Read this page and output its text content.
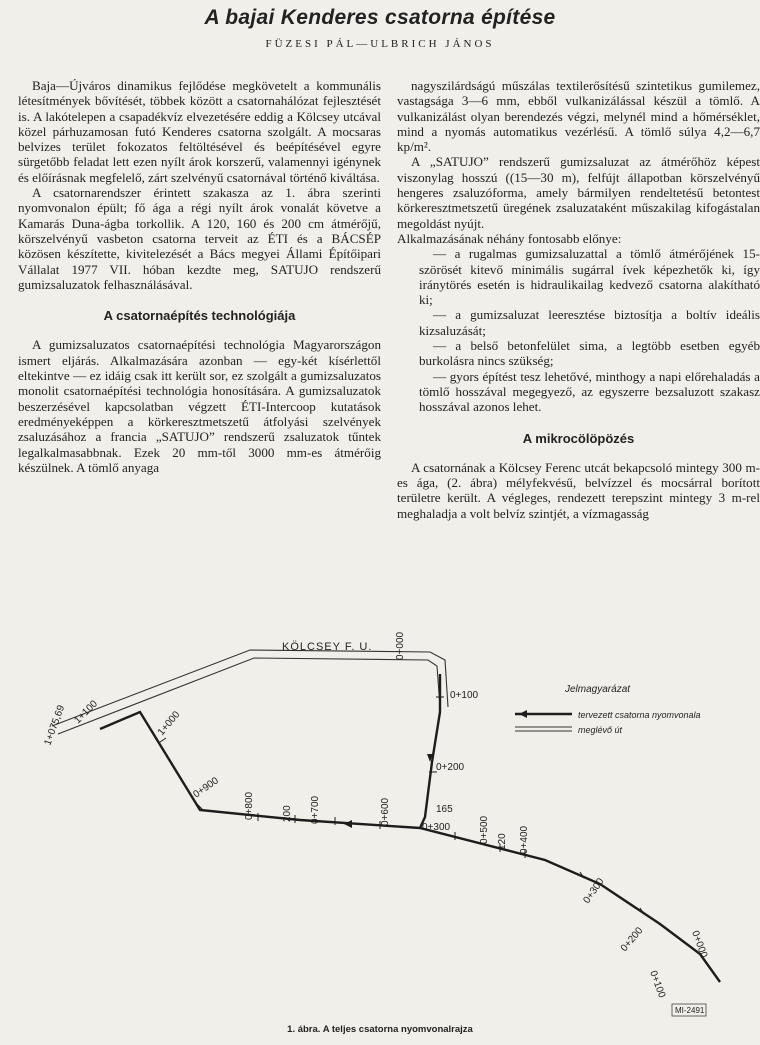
A bajai Kenderes csatorna építése
FÜZESI PÁL—ULBRICH JÁNOS

Baja—Újváros dinamikus fejlődése megkövetelt a kommunális létesítmények bővítését, többek között a csatornahálózat fejlesztését is. A lakótelepen a csapadékvíz elvezetésére eddig a Kölcsey utcával közel párhuzamosan futó Kenderes csatorna szolgált. A mocsaras belvizes terület fokozatos feltöltésével és beépítésével egyre sürgetőbb feladat lett ezen nyílt árok korszerű, valamennyi igénynek és előírásnak megfelelő, zárt szelvényű csatornával történő kiváltása.

A csatornarendszer érintett szakasza az 1. ábra szerinti nyomvonalon épült; fő ága a régi nyílt árok vonalát követve a Kamarás Duna-ágba torkollik. A 120, 160 és 200 cm átmérőjű, körszelvényű vasbeton csatorna terveit az ÉTI és a BÁCSÉP közösen készítette, kivitelezését a Bács megyei Állami Építőipari Vállalat 1977 VII. hóban kezdte meg, SATUJO rendszerű gumizsaluzatok felhasználásával.

A csatornaépítés technológiája

A gumizsaluzatos csatornaépítési technológia Magyarországon ismert eljárás. Alkalmazására azonban — egy-két kísérlettől eltekintve — ez idáig csak itt került sor, ez szolgált a gumizsaluzatos monolit csatornaépítési technológia honosítására. A gumizsaluzatok beszerzésével kapcsolatban végzett ÉTI-Intercoop kutatások eredményeképpen a körkeresztmetszetű átfolyási szelvények zsaluzásához a francia „SATUJO” rendszerű zsaluzatok tűntek legalkalmasabbnak. Ezek 20 mm-től 3000 mm-es átmérőig készülnek. A tömlő anyaga

nagyszilárdságú műszálas textilerősítésű szintetikus gumilemez, vastagsága 3—6 mm, ebből vulkanizálással készül a tömlő. A vulkanizálást olyan berendezés végzi, melynél mind a hőmérséklet, mind a nyomás automatikus vezérlésű. A tömlő súlya 4,2—6,7 kp/m².

A „SATUJO” rendszerű gumizsaluzat az átmérőhöz képest viszonylag hosszú ((15—30 m), felfújt állapotban körszelvényű hengeres zsaluzóforma, amely bármilyen rendeltetésű betontest körkeresztmetszetű üregének zsaluzataként műszakilag kifogástalan megoldást nyújt.

Alkalmazásának néhány fontosabb előnye:

— a rugalmas gumizsaluzattal a tömlő átmérőjének 15-szörösét kitevő minimális sugárral ívek képezhetők ki, így iránytörés esetén is hidraulikailag kedvező csatorna alakítható ki;

— a gumizsaluzat leeresztése biztosítja a boltív ideális kizsaluzását;

— a belső betonfelület sima, a legtöbb esetben egyéb burkolásra nincs szükség;

— gyors építést tesz lehetővé, minthogy a napi előrehaladás a tömlő hosszával megegyező, az egyszerre bezsaluzott szakasz hosszával azonos lehet.

A mikrocölöpözés

A csatornának a Kölcsey Ferenc utcát bekapcsoló mintegy 300 m-es ága, (2. ábra) mélyfekvésű, belvízzel és mocsárral borított területre került. A végleges, rendezett terepszint mintegy 3 m-rel meghaladja a volt belvíz szintjét, a vízmagasság

KÖLCSEY F. U. 0+000
0+100
0+200
165
0+300
1+000
0+900
0+800	200 0+700	0+600
0+500 120 0+400
0+300
0+200
0+100
0+000
1+100
1+075,69
Jelmagyarázat
tervezett csatorna nyomvonala
meglévő út
MI-2491
1. ábra. A teljes csatorna nyomvonalrajza
